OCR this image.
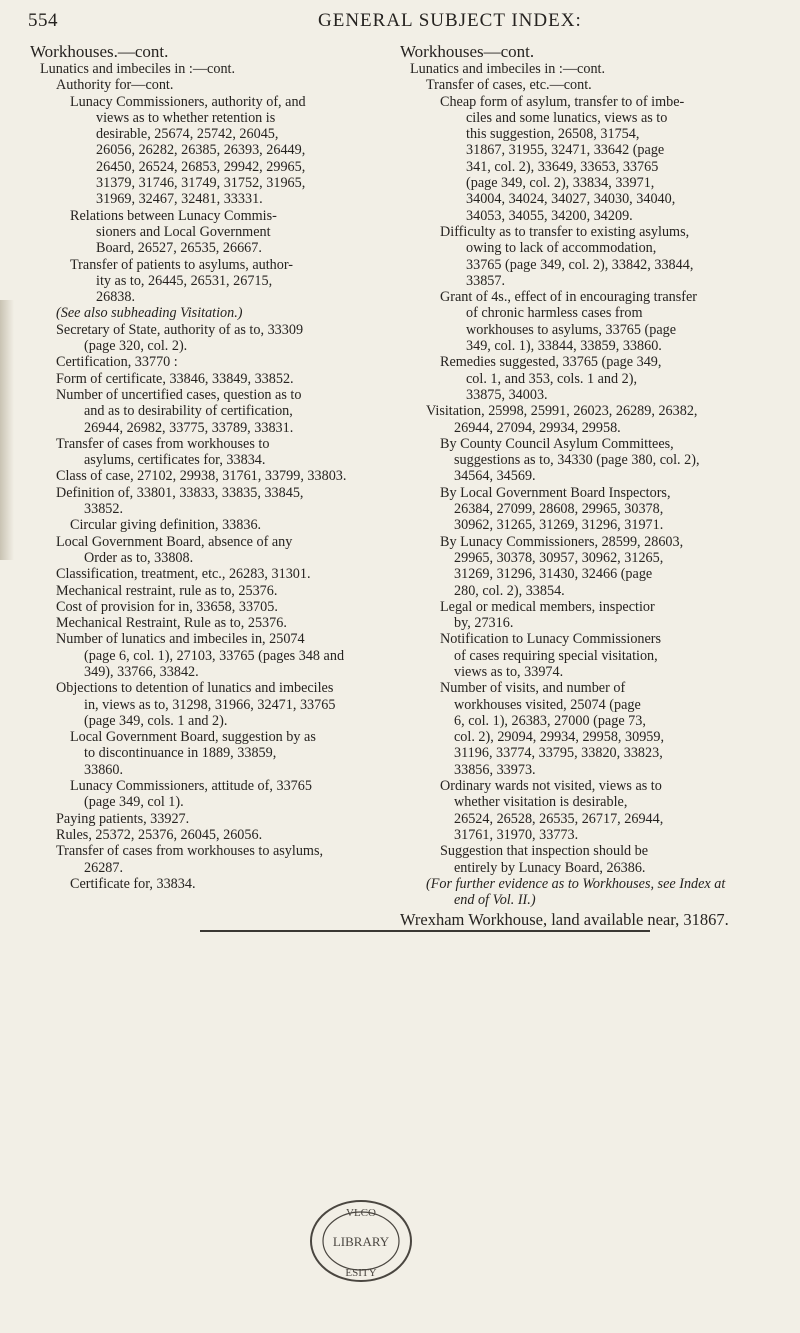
554	GENERAL SUBJECT INDEX:

Workhouses.—cont.

Lunatics and imbeciles in :—cont.

Authority for—cont.

Lunacy Commissioners, authority of, and

views as to whether retention is

desirable, 25674, 25742, 26045,

26056, 26282, 26385, 26393, 26449,

26450, 26524, 26853, 29942, 29965,

31379, 31746, 31749, 31752, 31965,

31969, 32467, 32481, 33331.

Relations between Lunacy Commis-

sioners and Local Government

Board, 26527, 26535, 26667.

Transfer of patients to asylums, author-

ity as to, 26445, 26531, 26715,

26838.

(See also subheading Visitation.)

Secretary of State, authority of as to, 33309

(page 320, col. 2).

Certification, 33770 :

Form of certificate, 33846, 33849, 33852.

Number of uncertified cases, question as to

and as to desirability of certification,

26944, 26982, 33775, 33789, 33831.

Transfer of cases from workhouses to

asylums, certificates for, 33834.

Class of case, 27102, 29938, 31761, 33799, 33803.

Definition of, 33801, 33833, 33835, 33845,

33852.

Circular giving definition, 33836.

Local Government Board, absence of any

Order as to, 33808.

Classification, treatment, etc., 26283, 31301.

Mechanical restraint, rule as to, 25376.

Cost of provision for in, 33658, 33705.

Mechanical Restraint, Rule as to, 25376.

Number of lunatics and imbeciles in, 25074

(page 6, col. 1), 27103, 33765 (pages 348 and

349), 33766, 33842.

Objections to detention of lunatics and imbeciles

in, views as to, 31298, 31966, 32471, 33765

(page 349, cols. 1 and 2).

Local Government Board, suggestion by as

to discontinuance in 1889, 33859,

33860.

Lunacy Commissioners, attitude of, 33765

(page 349, col 1).

Paying patients, 33927.

Rules, 25372, 25376, 26045, 26056.

Transfer of cases from workhouses to asylums,

26287.

Certificate for, 33834.

Workhouses—cont.

Lunatics and imbeciles in :—cont.

Transfer of cases, etc.—cont.

Cheap form of asylum, transfer to of imbe-

ciles and some lunatics, views as to

this suggestion, 26508, 31754,

31867, 31955, 32471, 33642 (page

341, col. 2), 33649, 33653, 33765

(page 349, col. 2), 33834, 33971,

34004, 34024, 34027, 34030, 34040,

34053, 34055, 34200, 34209.

Difficulty as to transfer to existing asylums,

owing to lack of accommodation,

33765 (page 349, col. 2), 33842, 33844,

33857.

Grant of 4s., effect of in encouraging transfer

of chronic harmless cases from

workhouses to asylums, 33765 (page

349, col. 1), 33844, 33859, 33860.

Remedies suggested, 33765 (page 349,

col. 1, and 353, cols. 1 and 2),

33875, 34003.

Visitation, 25998, 25991, 26023, 26289, 26382,

26944, 27094, 29934, 29958.

By County Council Asylum Committees,

suggestions as to, 34330 (page 380, col. 2),

34564, 34569.

By Local Government Board Inspectors,

26384, 27099, 28608, 29965, 30378,

30962, 31265, 31269, 31296, 31971.

By Lunacy Commissioners, 28599, 28603,

29965, 30378, 30957, 30962, 31265,

31269, 31296, 31430, 32466 (page

280, col. 2), 33854.

Legal or medical members, inspectior

by, 27316.

Notification to Lunacy Commissioners

of cases requiring special visitation,

views as to, 33974.

Number of visits, and number of

workhouses visited, 25074 (page

6, col. 1), 26383, 27000 (page 73,

col. 2), 29094, 29934, 29958, 30959,

31196, 33774, 33795, 33820, 33823,

33856, 33973.

Ordinary wards not visited, views as to

whether visitation is desirable,

26524, 26528, 26535, 26717, 26944,

31761, 31970, 33773.

Suggestion that inspection should be

entirely by Lunacy Board, 26386.

(For further evidence as to Workhouses, see Index at

end of Vol. II.)

Wrexham Workhouse, land available near, 31867.

VLCO
LIBRARY
ESITY
